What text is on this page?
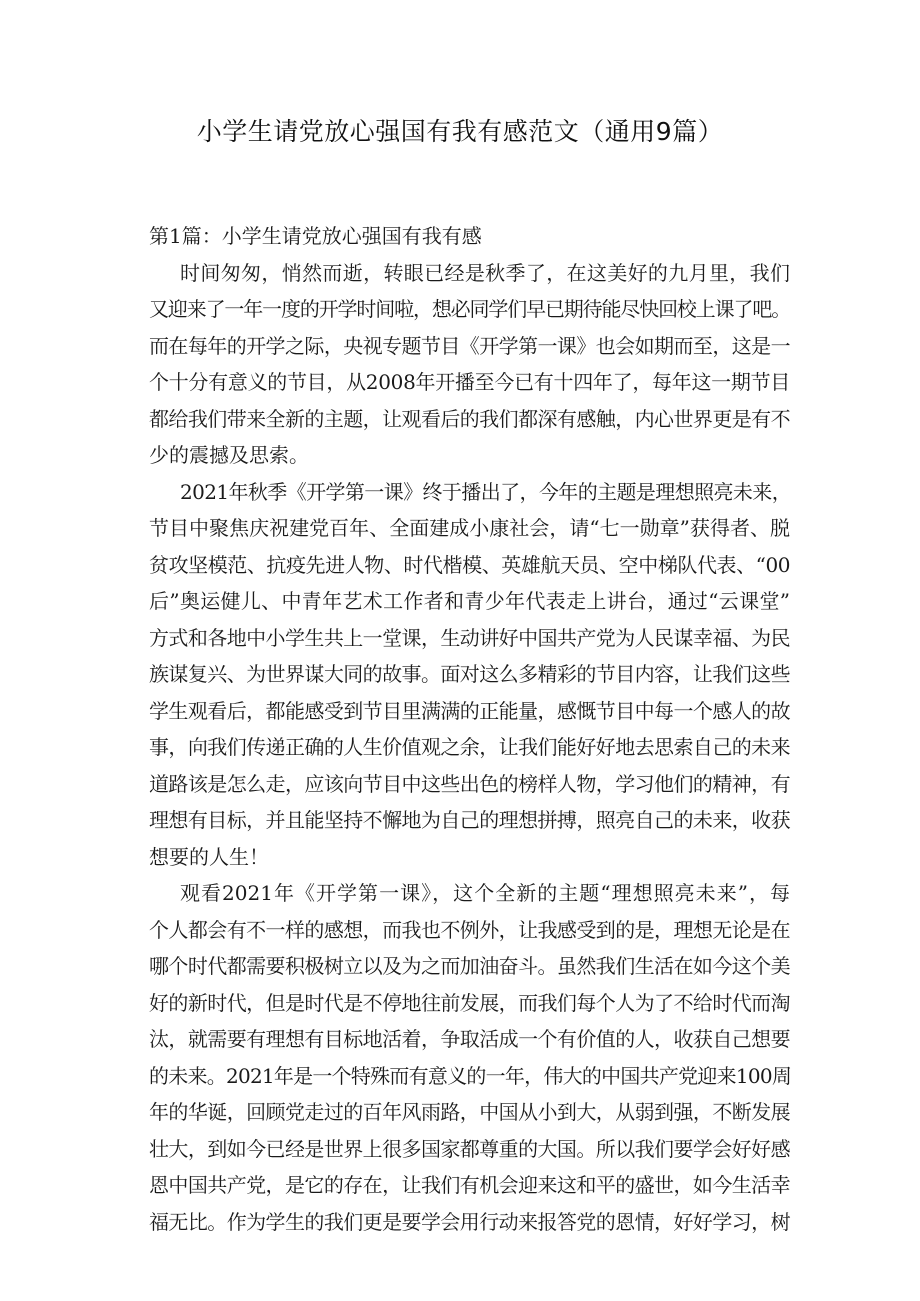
小学生请党放心强国有我有感范文（通用9篇）

第1篇：小学生请党放心强国有我有感

时间匆匆，悄然而逝，转眼已经是秋季了，在这美好的九月里，我们
又迎来了一年一度的开学时间啦，想必同学们早已期待能尽快回校上课了吧。
而在每年的开学之际，央视专题节目《开学第一课》也会如期而至，这是一
个十分有意义的节目，从2008年开播至今已有十四年了，每年这一期节目
都给我们带来全新的主题，让观看后的我们都深有感触，内心世界更是有不
少的震撼及思索。

2021年秋季《开学第一课》终于播出了，今年的主题是理想照亮未来，
节目中聚焦庆祝建党百年、全面建成小康社会，请“七一勋章”获得者、脱
贫攻坚模范、抗疫先进人物、时代楷模、英雄航天员、空中梯队代表、“00
后”奥运健儿、中青年艺术工作者和青少年代表走上讲台，通过“云课堂”
方式和各地中小学生共上一堂课，生动讲好中国共产党为人民谋幸福、为民
族谋复兴、为世界谋大同的故事。面对这么多精彩的节目内容，让我们这些
学生观看后，都能感受到节目里满满的正能量，感慨节目中每一个感人的故
事，向我们传递正确的人生价值观之余，让我们能好好地去思索自己的未来
道路该是怎么走，应该向节目中这些出色的榜样人物，学习他们的精神，有
理想有目标，并且能坚持不懈地为自己的理想拼搏，照亮自己的未来，收获
想要的人生！

观看2021年《开学第一课》，这个全新的主题“理想照亮未来”，每
个人都会有不一样的感想，而我也不例外，让我感受到的是，理想无论是在
哪个时代都需要积极树立以及为之而加油奋斗。虽然我们生活在如今这个美
好的新时代，但是时代是不停地往前发展，而我们每个人为了不给时代而淘
汰，就需要有理想有目标地活着，争取活成一个有价值的人，收获自己想要
的未来。2021年是一个特殊而有意义的一年，伟大的中国共产党迎来100周
年的华诞，回顾党走过的百年风雨路，中国从小到大，从弱到强，不断发展
壮大，到如今已经是世界上很多国家都尊重的大国。所以我们要学会好好感
恩中国共产党，是它的存在，让我们有机会迎来这和平的盛世，如今生活幸
福无比。作为学生的我们更是要学会用行动来报答党的恩情，好好学习，树
